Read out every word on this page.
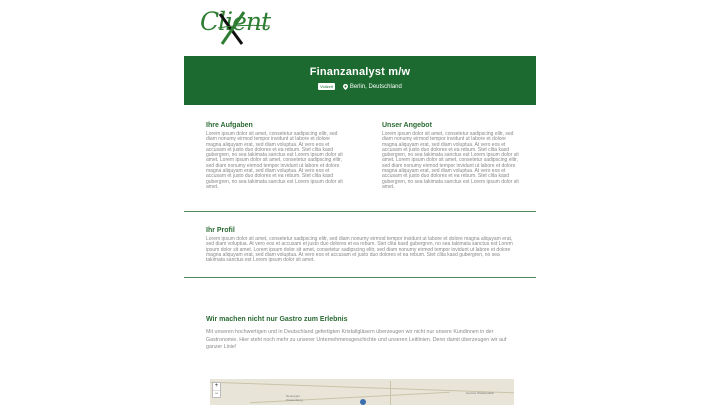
Client
Finanzanalyst m/w
Vollzeit	Berlin, Deutschland
Ihre Aufgaben
Lorem ipsum dolor sit amet, consetetur sadipscing elitr, sed diam nonumy eirmod tempor invidunt ut labore et dolore magna aliquyam erat, sed diam voluptua. At vero eos et accusam et justo duo dolores et ea rebum. Stet clita kasd gubergren, no sea takimata sanctus est Lorem ipsum dolor sit amet. Lorem ipsum dolor sit amet, consetetur sadipscing elitr, sed diam nonumy eirmod tempor invidunt ut labore et dolore magna aliquyam erat, sed diam voluptua. At vero eos et accusam et justo duo dolores et ea rebum. Stet clita kasd gubergren, no sea takimata sanctus est Lorem ipsum dolor sit amet.
Unser Angebot
Lorem ipsum dolor sit amet, consetetur sadipscing elitr, sed diam nonumy eirmod tempor invidunt ut labore et dolore magna aliquyam erat, sed diam voluptua. At vero eos et accusam et justo duo dolores et ea rebum. Stet clita kasd gubergren, no sea takimata sanctus est Lorem ipsum dolor sit amet. Lorem ipsum dolor sit amet, consetetur sadipscing elitr, sed diam nonumy eirmod tempor invidunt ut labore et dolore magna aliquyam erat, sed diam voluptua. At vero eos et accusam et justo duo dolores et ea rebum. Stet clita kasd gubergren, no sea takimata sanctus est Lorem ipsum dolor sit amet.
Ihr Profil
Lorem ipsum dolor sit amet, consetetur sadipscing elitr, sed diam nonumy eirmod tempor invidunt ut labore et dolore magna aliquyam erat, sed diam voluptua. At vero eos et accusam et justo duo dolores et ea rebum. Stet clita kasd gubergren, no sea takimata sanctus est Lorem ipsum dolor sit amet. Lorem ipsum dolor sit amet, consetetur sadipscing elitr, sed diam nonumy eirmod tempor invidunt ut labore et dolore magna aliquyam erat, sed diam voluptua. At vero eos et accusam et justo duo dolores et ea rebum. Stet clita kasd gubergren, no sea takimata sanctus est Lorem ipsum dolor sit amet.
Wir machen nicht nur Gastro zum Erlebnis
Mit unseren hochwertigen und in Deutschland gefertigten Kristallgläsern überzeugen wir nicht nur unsere Kundinnen in der Gastronomie. Hier steht noch mehr zu unserer Unternehmensgeschichte und unseren Leitlinien. Denn damit überzeugen wir auf ganzer Linie!
Neuruppin
Oranienburg
Gorzów Wielkopolski
+
−
